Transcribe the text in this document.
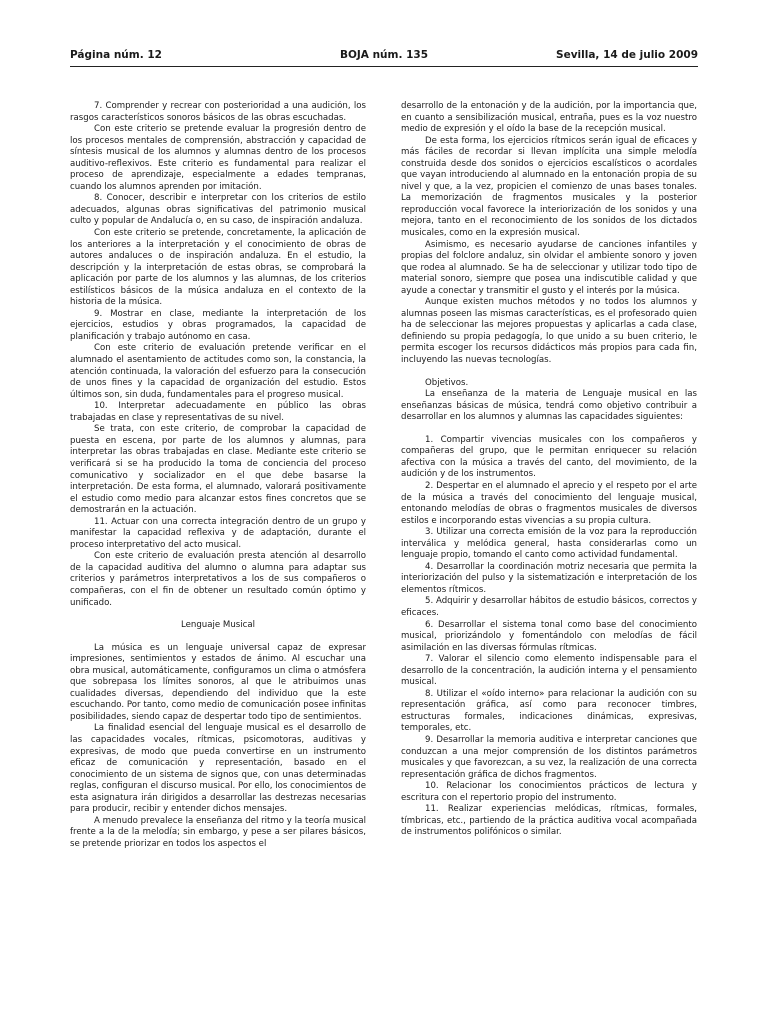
Página núm. 12	BOJA núm. 135	Sevilla, 14 de julio 2009

7. Comprender y recrear con posterioridad a una audición, los rasgos característicos sonoros básicos de las obras escuchadas.

Con este criterio se pretende evaluar la progresión dentro de los procesos mentales de comprensión, abstracción y capacidad de síntesis musical de los alumnos y alumnas dentro de los procesos auditivo-reflexivos. Este criterio es fundamental para realizar el proceso de aprendizaje, especialmente a edades tempranas, cuando los alumnos aprenden por imitación.

8. Conocer, describir e interpretar con los criterios de estilo adecuados, algunas obras significativas del patrimonio musical culto y popular de Andalucía o, en su caso, de inspiración andaluza.

Con este criterio se pretende, concretamente, la aplicación de los anteriores a la interpretación y el conocimiento de obras de autores andaluces o de inspiración andaluza. En el estudio, la descripción y la interpretación de estas obras, se comprobará la aplicación por parte de los alumnos y las alumnas, de los criterios estilísticos básicos de la música andaluza en el contexto de la historia de la música.

9. Mostrar en clase, mediante la interpretación de los ejercicios, estudios y obras programados, la capacidad de planificación y trabajo autónomo en casa.

Con este criterio de evaluación pretende verificar en el alumnado el asentamiento de actitudes como son, la constancia, la atención continuada, la valoración del esfuerzo para la consecución de unos fines y la capacidad de organización del estudio. Estos últimos son, sin duda, fundamentales para el progreso musical.

10. Interpretar adecuadamente en público las obras trabajadas en clase y representativas de su nivel.

Se trata, con este criterio, de comprobar la capacidad de puesta en escena, por parte de los alumnos y alumnas, para interpretar las obras trabajadas en clase. Mediante este criterio se verificará si se ha producido la toma de conciencia del proceso comunicativo y socializador en el que debe basarse la interpretación. De esta forma, el alumnado, valorará positivamente el estudio como medio para alcanzar estos fines concretos que se demostrarán en la actuación.

11. Actuar con una correcta integración dentro de un grupo y manifestar la capacidad reflexiva y de adaptación, durante el proceso interpretativo del acto musical.

Con este criterio de evaluación presta atención al desarrollo de la capacidad auditiva del alumno o alumna para adaptar sus criterios y parámetros interpretativos a los de sus compañeros o compañeras, con el fin de obtener un resultado común óptimo y unificado.

Lenguaje Musical

La música es un lenguaje universal capaz de expresar impresiones, sentimientos y estados de ánimo. Al escuchar una obra musical, automáticamente, configuramos un clima o atmósfera que sobrepasa los límites sonoros, al que le atribuimos unas cualidades diversas, dependiendo del individuo que la este escuchando. Por tanto, como medio de comunicación posee infinitas posibilidades, siendo capaz de despertar todo tipo de sentimientos.

La finalidad esencial del lenguaje musical es el desarrollo de las capacidades vocales, rítmicas, psicomotoras, auditivas y expresivas, de modo que pueda convertirse en un instrumento eficaz de comunicación y representación, basado en el conocimiento de un sistema de signos que, con unas determinadas reglas, configuran el discurso musical. Por ello, los conocimientos de esta asignatura irán dirigidos a desarrollar las destrezas necesarias para producir, recibir y entender dichos mensajes.

A menudo prevalece la enseñanza del ritmo y la teoría musical frente a la de la melodía; sin embargo, y pese a ser pilares básicos, se pretende priorizar en todos los aspectos el

desarrollo de la entonación y de la audición, por la importancia que, en cuanto a sensibilización musical, entraña, pues es la voz nuestro medio de expresión y el oído la base de la recepción musical.

De esta forma, los ejercicios rítmicos serán igual de eficaces y más fáciles de recordar si llevan implícita una simple melodía construida desde dos sonidos o ejercicios escalísticos o acordales que vayan introduciendo al alumnado en la entonación propia de su nivel y que, a la vez, propicien el comienzo de unas bases tonales. La memorización de fragmentos musicales y la posterior reproducción vocal favorece la interiorización de los sonidos y una mejora, tanto en el reconocimiento de los sonidos de los dictados musicales, como en la expresión musical.

Asimismo, es necesario ayudarse de canciones infantiles y propias del folclore andaluz, sin olvidar el ambiente sonoro y joven que rodea al alumnado. Se ha de seleccionar y utilizar todo tipo de material sonoro, siempre que posea una indiscutible calidad y que ayude a conectar y transmitir el gusto y el interés por la música.

Aunque existen muchos métodos y no todos los alumnos y alumnas poseen las mismas características, es el profesorado quien ha de seleccionar las mejores propuestas y aplicarlas a cada clase, definiendo su propia pedagogía, lo que unido a su buen criterio, le permita escoger los recursos didácticos más propios para cada fin, incluyendo las nuevas tecnologías.

Objetivos.

La enseñanza de la materia de Lenguaje musical en las enseñanzas básicas de música, tendrá como objetivo contribuir a desarrollar en los alumnos y alumnas las capacidades siguientes:

1. Compartir vivencias musicales con los compañeros y compañeras del grupo, que le permitan enriquecer su relación afectiva con la música a través del canto, del movimiento, de la audición y de los instrumentos.

2. Despertar en el alumnado el aprecio y el respeto por el arte de la música a través del conocimiento del lenguaje musical, entonando melodías de obras o fragmentos musicales de diversos estilos e incorporando estas vivencias a su propia cultura.

3. Utilizar una correcta emisión de la voz para la reproducción interválica y melódica general, hasta considerarlas como un lenguaje propio, tomando el canto como actividad fundamental.

4. Desarrollar la coordinación motriz necesaria que permita la interiorización del pulso y la sistematización e interpretación de los elementos rítmicos.

5. Adquirir y desarrollar hábitos de estudio básicos, correctos y eficaces.

6. Desarrollar el sistema tonal como base del conocimiento musical, priorizándolo y fomentándolo con melodías de fácil asimilación en las diversas fórmulas rítmicas.

7. Valorar el silencio como elemento indispensable para el desarrollo de la concentración, la audición interna y el pensamiento musical.

8. Utilizar el «oído interno» para relacionar la audición con su representación gráfica, así como para reconocer timbres, estructuras formales, indicaciones dinámicas, expresivas, temporales, etc.

9. Desarrollar la memoria auditiva e interpretar canciones que conduzcan a una mejor comprensión de los distintos parámetros musicales y que favorezcan, a su vez, la realización de una correcta representación gráfica de dichos fragmentos.

10. Relacionar los conocimientos prácticos de lectura y escritura con el repertorio propio del instrumento.

11. Realizar experiencias melódicas, rítmicas, formales, tímbricas, etc., partiendo de la práctica auditiva vocal acompañada de instrumentos polifónicos o similar.
